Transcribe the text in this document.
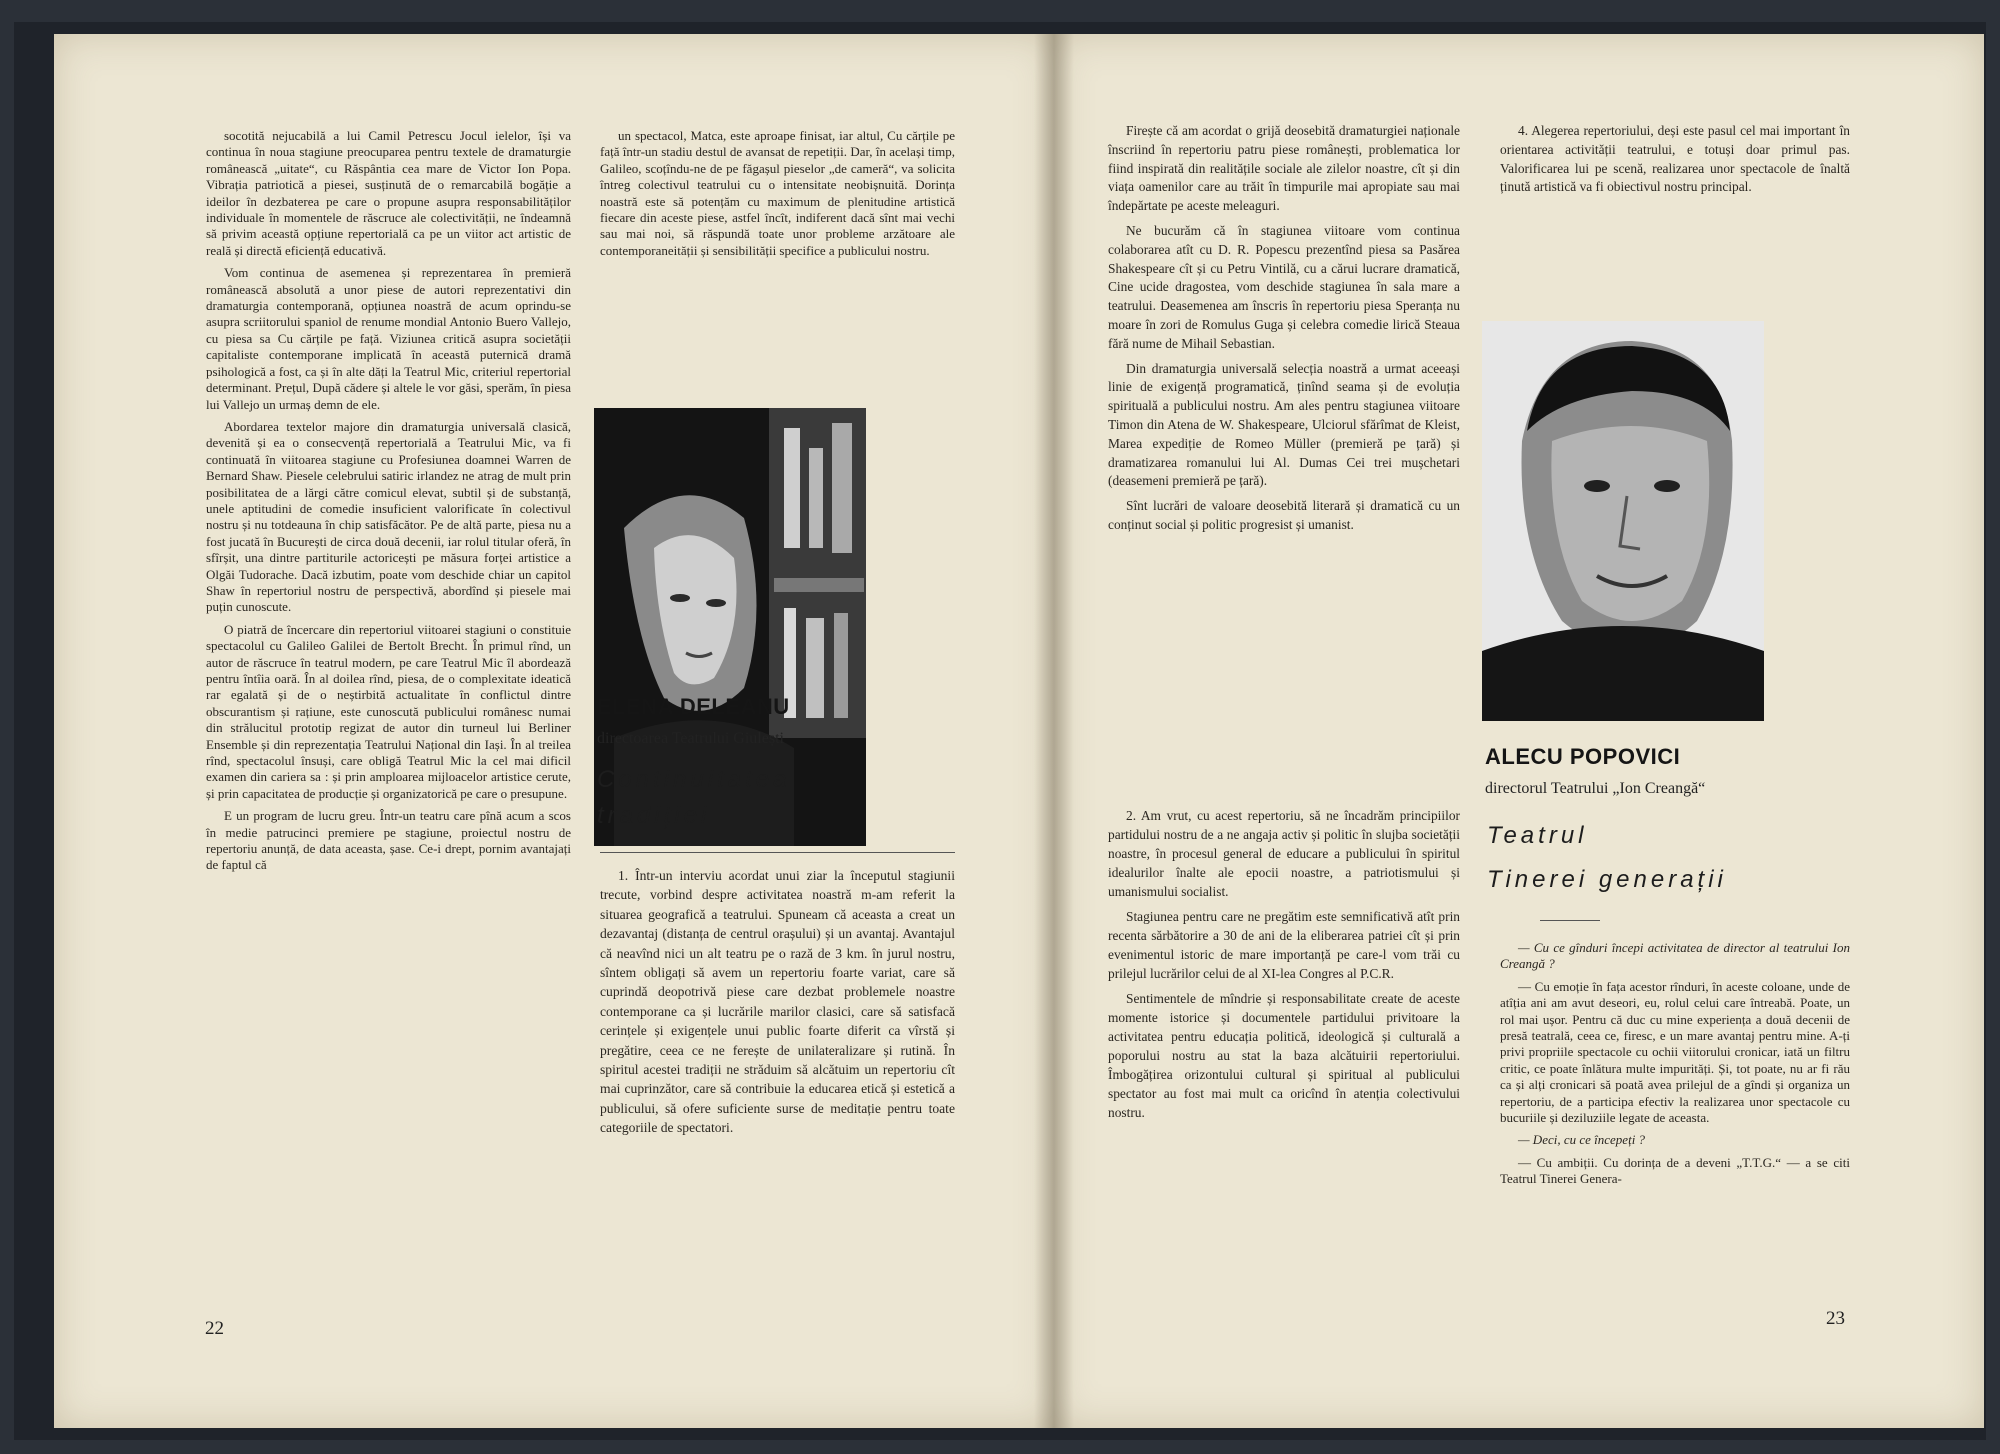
socotită nejucabilă a lui Camil Petrescu Jocul ielelor, își va continua în noua stagiune preocuparea pentru textele de dramaturgie românească „uitate“, cu Răspântia cea mare de Victor Ion Popa. Vibrația patriotică a piesei, susținută de o remarcabilă bogăție a ideilor în dezbaterea pe care o propune asupra responsabilităților individuale în momentele de răscruce ale colectivității, ne îndeamnă să privim această opțiune repertorială ca pe un viitor act artistic de reală și directă eficiență educativă.

Vom continua de asemenea și reprezentarea în premieră românească absolută a unor piese de autori reprezentativi din dramaturgia contemporană, opțiunea noastră de acum oprindu-se asupra scriitorului spaniol de renume mondial Antonio Buero Vallejo, cu piesa sa Cu cărțile pe față. Viziunea critică asupra societății capitaliste contemporane implicată în această puternică dramă psihologică a fost, ca și în alte dăți la Teatrul Mic, criteriul repertorial determinant. Prețul, După cădere și altele le vor găsi, sperăm, în piesa lui Vallejo un urmaș demn de ele.

Abordarea textelor majore din dramaturgia universală clasică, devenită și ea o consecvență repertorială a Teatrului Mic, va fi continuată în viitoarea stagiune cu Profesiunea doamnei Warren de Bernard Shaw. Piesele celebrului satiric irlandez ne atrag de mult prin posibilitatea de a lărgi către comicul elevat, subtil și de substanță, unele aptitudini de comedie insuficient valorificate în colectivul nostru și nu totdeauna în chip satisfăcător. Pe de altă parte, piesa nu a fost jucată în București de circa două decenii, iar rolul titular oferă, în sfîrșit, una dintre partiturile actoricești pe măsura forței artistice a Olgăi Tudorache. Dacă izbutim, poate vom deschide chiar un capitol Shaw în repertoriul nostru de perspectivă, abordînd și piesele mai puțin cunoscute.

O piatră de încercare din repertoriul viitoarei stagiuni o constituie spectacolul cu Galileo Galilei de Bertolt Brecht. În primul rînd, un autor de răscruce în teatrul modern, pe care Teatrul Mic îl abordează pentru întîia oară. În al doilea rînd, piesa, de o complexitate ideatică rar egalată și de o neștirbită actualitate în conflictul dintre obscurantism și rațiune, este cunoscută publicului românesc numai din strălucitul prototip regizat de autor din turneul lui Berliner Ensemble și din reprezentația Teatrului Național din Iași. În al treilea rînd, spectacolul însuși, care obligă Teatrul Mic la cel mai dificil examen din cariera sa : și prin amploarea mijloacelor artistice cerute, și prin capacitatea de producție și organizatorică pe care o presupune.

E un program de lucru greu. Într-un teatru care pînă acum a scos în medie patrucinci premiere pe stagiune, proiectul nostru de repertoriu anunță, de data aceasta, șase. Ce-i drept, pornim avantajați de faptul că

un spectacol, Matca, este aproape finisat, iar altul, Cu cărțile pe față într-un stadiu destul de avansat de repetiții. Dar, în același timp, Galileo, scoțîndu-ne de pe făgașul pieselor „de cameră“, va solicita întreg colectivul teatrului cu o intensitate neobișnuită. Dorința noastră este să potențăm cu maximum de plenitudine artistică fiecare din aceste piese, astfel încît, indiferent dacă sînt mai vechi sau mai noi, să răspundă toate unor probleme arzătoare ale contemporaneității și sensibilității specifice a publicului nostru.

ELENA DELEANU
directoarea Teatrului Giulești
Continuitatea
tradiției

1. Într-un interviu acordat unui ziar la începutul stagiunii trecute, vorbind despre activitatea noastră m-am referit la situarea geografică a teatrului. Spuneam că aceasta a creat un dezavantaj (distanța de centrul orașului) și un avantaj. Avantajul că neavînd nici un alt teatru pe o rază de 3 km. în jurul nostru, sîntem obligați să avem un repertoriu foarte variat, care să cuprindă deopotrivă piese care dezbat problemele noastre contemporane ca și lucrările marilor clasici, care să satisfacă cerințele și exigențele unui public foarte diferit ca vîrstă și pregătire, ceea ce ne ferește de unilateralizare și rutină. În spiritul acestei tradiții ne străduim să alcătuim un repertoriu cît mai cuprinzător, care să contribuie la educarea etică și estetică a publicului, să ofere suficiente surse de meditație pentru toate categoriile de spectatori.

22

Firește că am acordat o grijă deosebită dramaturgiei naționale înscriind în repertoriu patru piese românești, problematica lor fiind inspirată din realitățile sociale ale zilelor noastre, cît și din viața oamenilor care au trăit în timpurile mai apropiate sau mai îndepărtate pe aceste meleaguri.

Ne bucurăm că în stagiunea viitoare vom continua colaborarea atît cu D. R. Popescu prezentînd piesa sa Pasărea Shakespeare cît și cu Petru Vintilă, cu a cărui lucrare dramatică, Cine ucide dragostea, vom deschide stagiunea în sala mare a teatrului. Deasemenea am înscris în repertoriu piesa Speranța nu moare în zori de Romulus Guga și celebra comedie lirică Steaua fără nume de Mihail Sebastian.

Din dramaturgia universală selecția noastră a urmat aceeași linie de exigență programatică, ținînd seama și de evoluția spirituală a publicului nostru. Am ales pentru stagiunea viitoare Timon din Atena de W. Shakespeare, Ulciorul sfărîmat de Kleist, Marea expediție de Romeo Müller (premieră pe țară) și dramatizarea romanului lui Al. Dumas Cei trei mușchetari (deasemeni premieră pe țară).

Sînt lucrări de valoare deosebită literară și dramatică cu un conținut social și politic progresist și umanist.

2. Am vrut, cu acest repertoriu, să ne încadrăm principiilor partidului nostru de a ne angaja activ și politic în slujba societății noastre, în procesul general de educare a publicului în spiritul idealurilor înalte ale epocii noastre, a patriotismului și umanismului socialist.

Stagiunea pentru care ne pregătim este semnificativă atît prin recenta sărbătorire a 30 de ani de la eliberarea patriei cît și prin evenimentul istoric de mare importanță pe care-l vom trăi cu prilejul lucrărilor celui de al XI-lea Congres al P.C.R.

Sentimentele de mîndrie și responsabilitate create de aceste momente istorice și documentele partidului privitoare la activitatea pentru educația politică, ideologică și culturală a poporului nostru au stat la baza alcătuirii repertoriului. Îmbogățirea orizontului cultural și spiritual al publicului spectator au fost mai mult ca oricînd în atenția colectivului nostru.

4. Alegerea repertoriului, deși este pasul cel mai important în orientarea activității teatrului, e totuși doar primul pas. Valorificarea lui pe scenă, realizarea unor spectacole de înaltă ținută artistică va fi obiectivul nostru principal.

ALECU POPOVICI
directorul Teatrului „Ion Creangă“
Teatrul
Tinerei generații

— Cu ce gînduri începi activitatea de director al teatrului Ion Creangă ?

— Cu emoție în fața acestor rînduri, în aceste coloane, unde de atîția ani am avut deseori, eu, rolul celui care întreabă. Poate, un rol mai ușor. Pentru că duc cu mine experiența a două decenii de presă teatrală, ceea ce, firesc, e un mare avantaj pentru mine. A-ți privi propriile spectacole cu ochii viitorului cronicar, iată un filtru critic, ce poate înlătura multe impurități. Și, tot poate, nu ar fi rău ca și alți cronicari să poată avea prilejul de a gîndi și organiza un repertoriu, de a participa efectiv la realizarea unor spectacole cu bucuriile și deziluziile legate de aceasta.

— Deci, cu ce începeți ?

— Cu ambiții. Cu dorința de a deveni „T.T.G.“ — a se citi Teatrul Tinerei Genera-

23
